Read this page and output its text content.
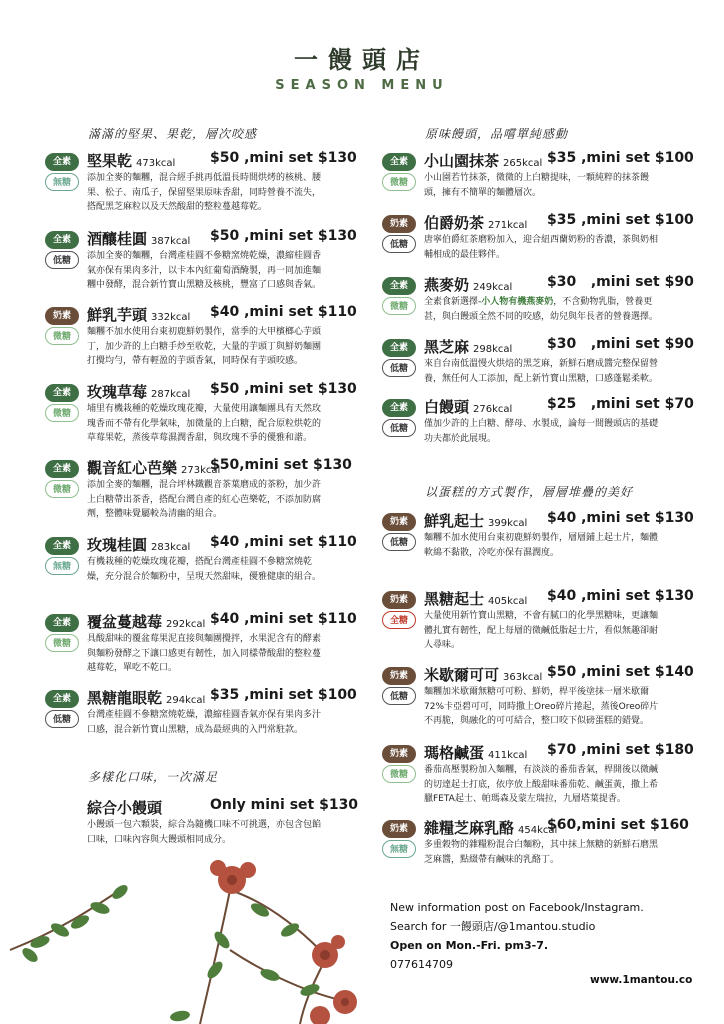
一饅頭店
SEASON MENU
滿滿的堅果、果乾，層次咬感	原味饅頭，品嚐單純感動
以蛋糕的方式製作，層層堆疊的美好
多樣化口味，一次滿足
全素
無糖
堅果乾 473kcal $50 ,mini set $130
添加全麥的麵糰，混合經手挑再低溫長時間烘烤的核桃、腰
果、松子、南瓜子，保留堅果原味香甜，同時營養不流失，
搭配黑芝麻粒以及天然酸甜的整粒蔓越莓乾。
全素
低糖
酒釀桂圓 387kcal $50 ,mini set $130
添加全麥的麵糰，台灣產桂圓不參糖窯燒乾燥，濃縮桂圓香
氣亦保有果肉多汁，以卡本內紅葡萄酒醃製，再一同加進麵
糰中發酵，混合新竹寶山黑糖及核桃，豐富了口感與香氣。
奶素
微糖
鮮乳芋頭 332kcal $40 ,mini set $110
麵糰不加水使用台東初鹿鮮奶製作，當季的大甲檳榔心芋頭
丁，加少許的上白糖手炒至收乾，大量的芋頭丁與鮮奶麵團
打攪均勻，帶有輕盈的芋頭香氣，同時保有芋頭咬感。
全素
微糖
玫瑰草莓 287kcal $50 ,mini set $130
埔里有機栽種的乾燥玫瑰花瓣，大量使用讓麵團具有天然玫
瑰香而不帶有化學氣味，加微量的上白糖，配合原粒烘乾的
草莓果乾，蒸後草莓濕潤香甜，與玫瑰不爭的優雅和諧。
全素
微糖
觀音紅心芭樂 273kcal
$50,mini set $130
添加全麥的麵糰，混合坪林鐵觀音茶葉磨成的茶粉，加少許
上白糖帶出茶香，搭配台灣自產的紅心芭樂乾，不添加防腐
劑，整體味覺屬較為清幽的組合。
全素
無糖
玫瑰桂圓 283kcal $40 ,mini set $110
有機栽種的乾燥玫瑰花瓣，搭配台灣產桂圓不參糖窯燒乾
燥，充分混合於麵粉中，呈現天然甜味，優雅健康的組合。
全素
微糖
覆盆蔓越莓 292kcal $40 ,mini set $110
具酸甜味的覆盆莓果泥直接與麵團攪拌，水果泥含有的酵素
與麵粉發酵之下讓口感更有韌性，加入同樣帶酸甜的整粒蔓
越莓乾，單吃不乾口。
全素
低糖
黑糖龍眼乾 294kcal $35 ,mini set $100
台灣產桂圓不參糖窯燒乾燥，濃縮桂圓香氣亦保有果肉多汁
口感，混合新竹寶山黑糖，成為最經典的入門常駐款。
全素
微糖
小山園抹茶 265kcal $35 ,mini set $100
小山園若竹抹茶，微微的上白糖提味，一顆純粹的抹茶饅
頭，擁有不簡單的麵體層次。
奶素
低糖
伯爵奶茶 271kcal $35 ,mini set $100
唐寧伯爵紅茶磨粉加入，迎合紐西蘭奶粉的香濃，茶與奶相
輔相成的最佳夥伴。
全素
微糖
燕麥奶 249kcal $30   ,mini set $90
全素食新選擇-小人物有機燕麥奶，不含動物乳脂，營養更
甚，與白饅頭全然不同的咬感，幼兒與年長者的營養選擇。
全素
低糖
黑芝麻 298kcal $30   ,mini set $90
來自台南低溫慢火烘焙的黑芝麻，新鮮石磨成醬完整保留營
養，無任何人工添加，配上新竹寶山黑糖，口感蓬鬆柔軟。
全素
低糖
白饅頭 276kcal $25   ,mini set $70
僅加少許的上白糖、酵母、水製成，論每一間饅頭店的基礎
功夫都於此展現。
奶素
低糖
鮮乳起士 399kcal $40 ,mini set $130
麵糰不加水使用台東初鹿鮮奶製作，層層鋪上起士片，麵體
軟綿不黏散，冷吃亦保有濕潤度。
奶素
全糖
黑糖起士 405kcal $40 ,mini set $130
大量使用新竹寶山黑糖，不會有膩口的化學黑糖味，更讓麵
體扎實有韌性，配上每層的微鹹低脂起士片，看似無趣卻耐
人尋味。
奶素
低糖
米歇爾可可 363kcal $50 ,mini set $140
麵糰加米歇爾無糖可可粉、鮮奶，桿平後塗抹一層米歇爾
72%卡亞碧可可，同時撒上Oreo碎片捲起，蒸後Oreo碎片
不再脆，與融化的可可結合，整口咬下似磅蛋糕的錯覺。
奶素
微糖
瑪格鹹蛋 411kcal $70 ,mini set $180
番茄高壓製粉加入麵糰，有淡淡的番茄香氣，桿開後以微鹹
的切達起士打底，依序放上酸甜味番茄乾、鹹蛋黃，撒上希
臘FETA起士、帕瑪森及蒙左瑞拉，九層塔葉提香。
奶素
無糖
雜糧芝麻乳酪 454kcal
$60,mini set $160
多重穀物的雜糧粉混合白麵粉，其中抹上無糖的新鮮石磨黑
芝麻醬，點綴帶有鹹味的乳酪丁。
綜合小饅頭	Only mini set $130
小饅頭一包六顆裝，綜合為隨機口味不可挑選，亦包含包餡
口味，口味內容與大饅頭相同成分。
New information post on Facebook/Instagram.
Search for 一饅頭店/@1mantou.studio
Open on Mon.-Fri. pm3-7.
077614709
www.1mantou.co
